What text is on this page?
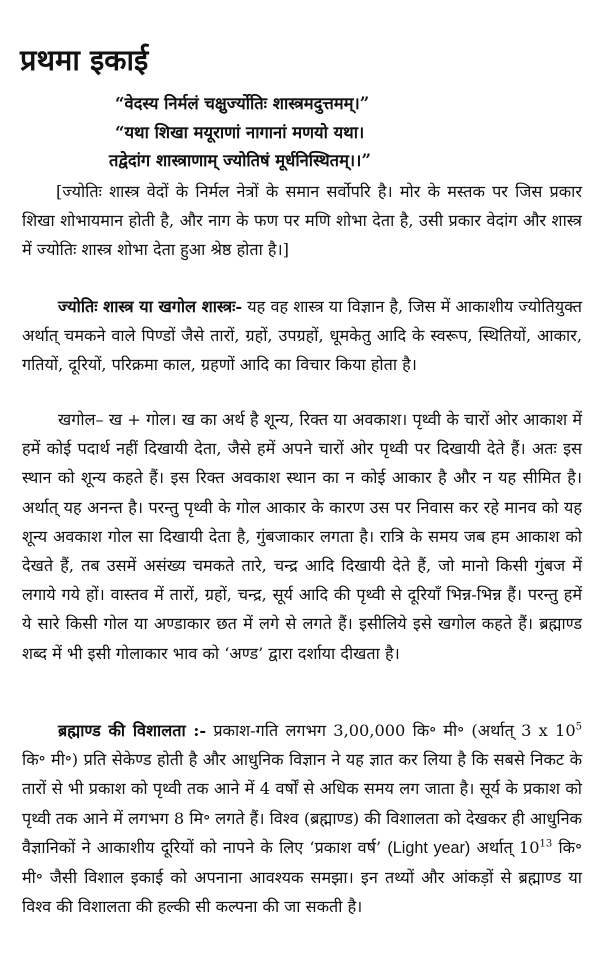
प्रथमा इकाई
“वेदस्य निर्मलं चक्षुर्ज्योतिः शास्त्रमदुत्तमम्।”
“यथा शिखा मयूराणां नागानां मणयो यथा।
तद्वेदांग शास्त्राणाम् ज्योतिषं मूर्धनिस्थितम्।।”

[ज्योतिः शास्त्र वेदों के निर्मल नेत्रों के समान सर्वोपरि है। मोर के मस्तक पर जिस प्रकार शिखा शोभायमान होती है, और नाग के फण पर मणि शोभा देता है, उसी प्रकार वेदांग और शास्त्र में ज्योतिः शास्त्र शोभा देता हुआ श्रेष्ठ होता है।]

ज्योतिः शास्त्र या खगोल शास्त्रः- यह वह शास्त्र या विज्ञान है, जिस में आकाशीय ज्योतियुक्त अर्थात् चमकने वाले पिण्डों जैसे तारों, ग्रहों, उपग्रहों, धूमकेतु आदि के स्वरूप, स्थितियों, आकार, गतियों, दूरियों, परिक्रमा काल, ग्रहणों आदि का विचार किया होता है।

खगोल– ख + गोल। ख का अर्थ है शून्य, रिक्त या अवकाश। पृथ्वी के चारों ओर आकाश में हमें कोई पदार्थ नहीं दिखायी देता, जैसे हमें अपने चारों ओर पृथ्वी पर दिखायी देते हैं। अतः इस स्थान को शून्य कहते हैं। इस रिक्त अवकाश स्थान का न कोई आकार है और न यह सीमित है। अर्थात् यह अनन्त है। परन्तु पृथ्वी के गोल आकार के कारण उस पर निवास कर रहे मानव को यह शून्य अवकाश गोल सा दिखायी देता है, गुंबजाकार लगता है। रात्रि के समय जब हम आकाश को देखते हैं, तब उसमें असंख्य चमकते तारे, चन्द्र आदि दिखायी देते हैं, जो मानो किसी गुंबज में लगाये गये हों। वास्तव में तारों, ग्रहों, चन्द्र, सूर्य आदि की पृथ्वी से दूरियाँ भिन्न-भिन्न हैं। परन्तु हमें ये सारे किसी गोल या अण्डाकार छत में लगे से लगते हैं। इसीलिये इसे खगोल कहते हैं। ब्रह्माण्ड शब्द में भी इसी गोलाकार भाव को ‘अण्ड’ द्वारा दर्शाया दीखता है।

ब्रह्माण्ड की विशालता :- प्रकाश-गति लगभग 3,00,000 कि॰ मी॰ (अर्थात् 3 x $10^5$ कि॰ मी॰) प्रति सेकेण्ड होती है और आधुनिक विज्ञान ने यह ज्ञात कर लिया है कि सबसे निकट के तारों से भी प्रकाश को पृथ्वी तक आने में 4 वर्षों से अधिक समय लग जाता है। सूर्य के प्रकाश को पृथ्वी तक आने में लगभग 8 मि॰ लगते हैं। विश्व (ब्रह्माण्ड) की विशालता को देखकर ही आधुनिक वैज्ञानिकों ने आकाशीय दूरियों को नापने के लिए ‘प्रकाश वर्ष’ (Light year) अर्थात् $10^{13}$ कि॰ मी॰ जैसी विशाल इकाई को अपनाना आवश्यक समझा। इन तथ्यों और आंकड़ों से ब्रह्माण्ड या विश्व की विशालता की हल्की सी कल्पना की जा सकती है।
